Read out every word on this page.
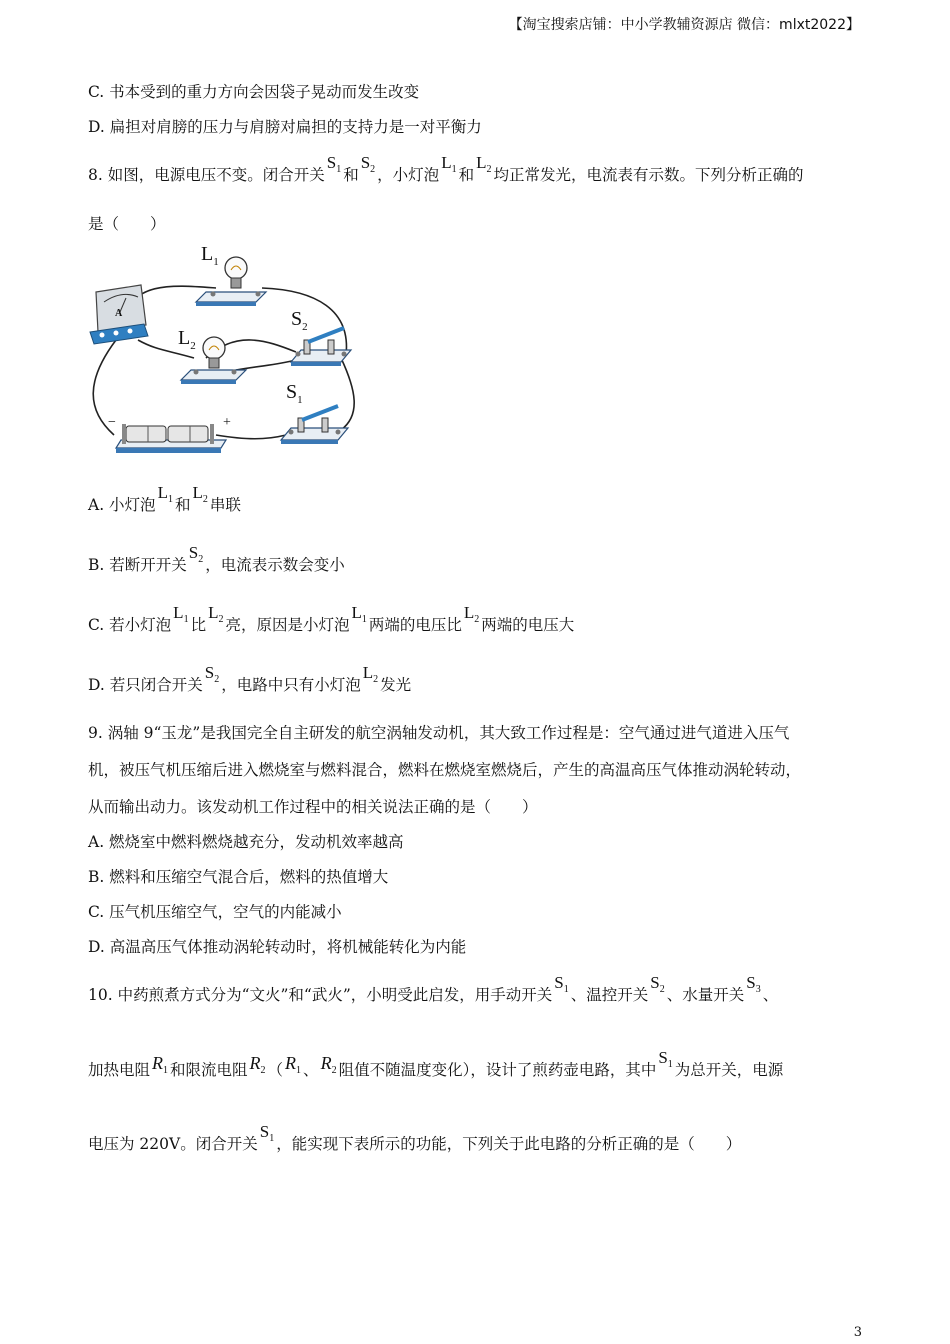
【淘宝搜索店铺：中小学教辅资源店 微信：mlxt2022】
C. 书本受到的重力方向会因袋子晃动而发生改变
D. 扁担对肩膀的压力与肩膀对扁担的支持力是一对平衡力
8. 如图，电源电压不变。闭合开关$S_1$ 和$S_2$ ，小灯泡$L_1$ 和$L_2$ 均正常发光，电流表有示数。下列分析正确的
是（　　）
$L_1$
$L_2$
A	$S_2$
$S_1$
−	+
A. 小灯泡$L_1$ 和$L_2$ 串联
B. 若断开开关$S_2$ ，电流表示数会变小
C. 若小灯泡$L_1$ 比$L_2$ 亮，原因是小灯泡$L_1$ 两端的电压比$L_2$ 两端的电压大
D. 若只闭合开关$S_2$ ，电路中只有小灯泡$L_2$ 发光
9. 涡轴 9“玉龙”是我国完全自主研发的航空涡轴发动机，其大致工作过程是：空气通过进气道进入压气
机，被压气机压缩后进入燃烧室与燃料混合，燃料在燃烧室燃烧后，产生的高温高压气体推动涡轮转动，
从而输出动力。该发动机工作过程中的相关说法正确的是（　　）
A. 燃烧室中燃料燃烧越充分，发动机效率越高
B. 燃料和压缩空气混合后，燃料的热值增大
C. 压气机压缩空气，空气的内能减小
D. 高温高压气体推动涡轮转动时，将机械能转化为内能
10. 中药煎煮方式分为“文火”和“武火”，小明受此启发，用手动开关$S_1$ 、温控开关$S_2$ 、水量开关$S_3$ 、
加热电阻 $R_1$ 和限流电阻 $R_2$ （ $R_1$ 、 $R_2$ 阻值不随温度变化），设计了煎药壶电路，其中$S_1$ 为总开关，电源
电压为 220V。闭合开关$S_1$ ，能实现下表所示的功能，下列关于此电路的分析正确的是（　　）
3
